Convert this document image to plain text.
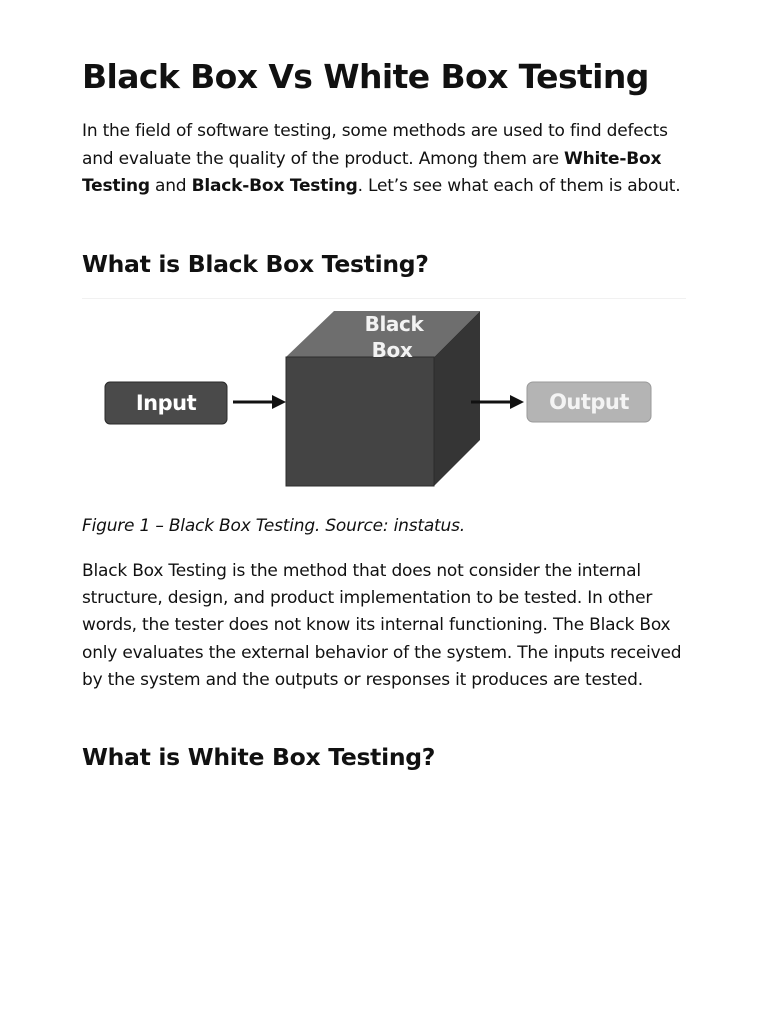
Black Box Vs White Box Testing

In the field of software testing, some methods are used to find defects and evaluate the quality of the product. Among them are White-Box Testing and Black-Box Testing. Let’s see what each of them is about.

What is Black Box Testing?
Input
Black
Box
Output

Figure 1 – Black Box Testing. Source: instatus.

Black Box Testing is the method that does not consider the internal structure, design, and product implementation to be tested. In other words, the tester does not know its internal functioning. The Black Box only evaluates the external behavior of the system. The inputs received by the system and the outputs or responses it produces are tested.

What is White Box Testing?
